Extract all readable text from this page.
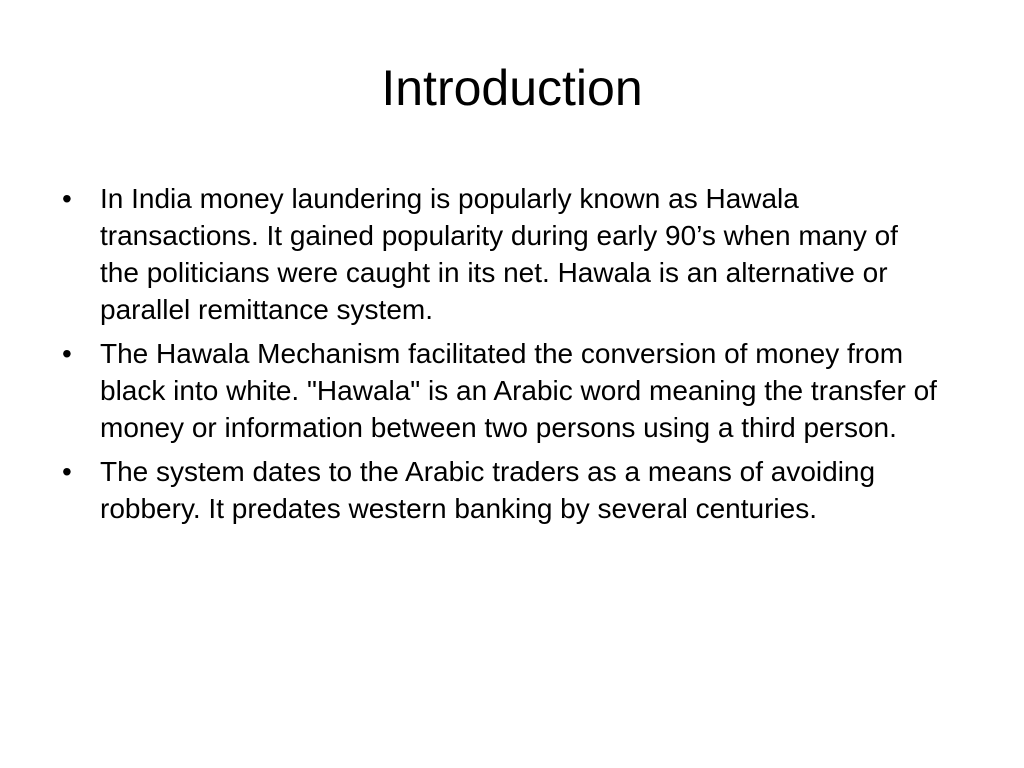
Introduction
•	In India money laundering is popularly known as Hawala transactions. It gained popularity during early 90’s when many of the politicians were caught in its net. Hawala is an alternative or parallel remittance system.
•	The Hawala Mechanism facilitated the conversion of money from black into white. "Hawala" is an Arabic word meaning the transfer of money or information between two persons using a third person.
•	The system dates to the Arabic traders as a means of avoiding robbery. It predates western banking by several centuries.
